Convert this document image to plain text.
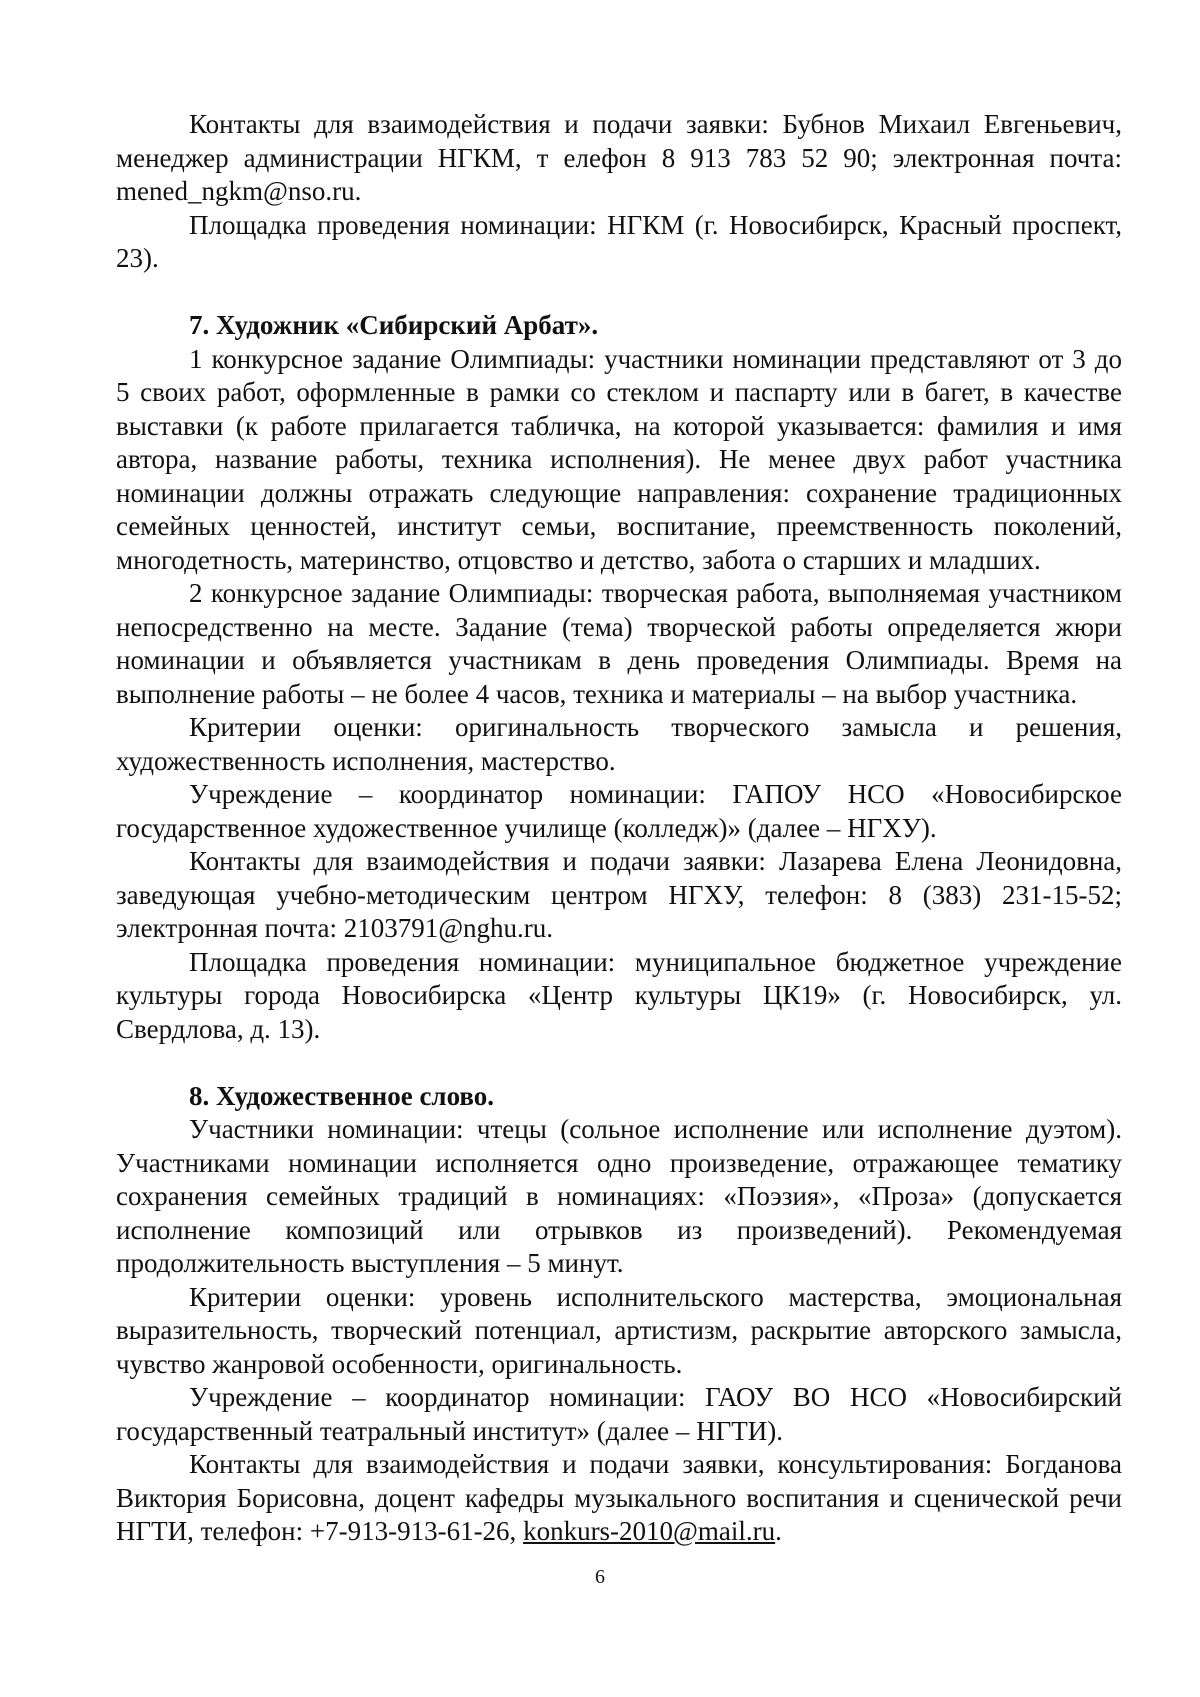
Контакты для взаимодействия и подачи заявки: Бубнов Михаил Евгеньевич, менеджер администрации НГКМ, т елефон 8 913 783 52 90; электронная почта: mened_ngkm@nso.ru.

Площадка проведения номинации: НГКМ (г. Новосибирск, Красный проспект, 23).

7. Художник «Сибирский Арбат».

1 конкурсное задание Олимпиады: участники номинации представляют от 3 до 5 своих работ, оформленные в рамки со стеклом и паспарту или в багет, в качестве выставки (к работе прилагается табличка, на которой указывается: фамилия и имя автора, название работы, техника исполнения). Не менее двух работ участника номинации должны отражать следующие направления: сохранение традиционных семейных ценностей, институт семьи, воспитание, преемственность поколений, многодетность, материнство, отцовство и детство, забота о старших и младших.

2 конкурсное задание Олимпиады: творческая работа, выполняемая участником непосредственно на месте. Задание (тема) творческой работы определяется жюри номинации и объявляется участникам в день проведения Олимпиады. Время на выполнение работы – не более 4 часов, техника и материалы – на выбор участника.

Критерии оценки: оригинальность творческого замысла и решения, художественность исполнения, мастерство.

Учреждение – координатор номинации: ГАПОУ НСО «Новосибирское государственное художественное училище (колледж)» (далее – НГХУ).

Контакты для взаимодействия и подачи заявки: Лазарева Елена Леонидовна, заведующая учебно-методическим центром НГХУ, телефон: 8 (383) 231-15-52; электронная почта: 2103791@nghu.ru.

Площадка проведения номинации: муниципальное бюджетное учреждение культуры города Новосибирска «Центр культуры ЦК19» (г. Новосибирск, ул. Свердлова, д. 13).

8. Художественное слово.

Участники номинации: чтецы (сольное исполнение или исполнение дуэтом). Участниками номинации исполняется одно произведение, отражающее тематику сохранения семейных традиций в номинациях: «Поэзия», «Проза» (допускается исполнение композиций или отрывков из произведений). Рекомендуемая продолжительность выступления – 5 минут.

Критерии оценки: уровень исполнительского мастерства, эмоциональная выразительность, творческий потенциал, артистизм, раскрытие авторского замысла, чувство жанровой особенности, оригинальность.

Учреждение – координатор номинации: ГАОУ ВО НСО «Новосибирский государственный театральный институт» (далее – НГТИ).

Контакты для взаимодействия и подачи заявки, консультирования: Богданова Виктория Борисовна, доцент кафедры музыкального воспитания и сценической речи НГТИ, телефон: +7-913-913-61-26, konkurs-2010@mail.ru.

6
